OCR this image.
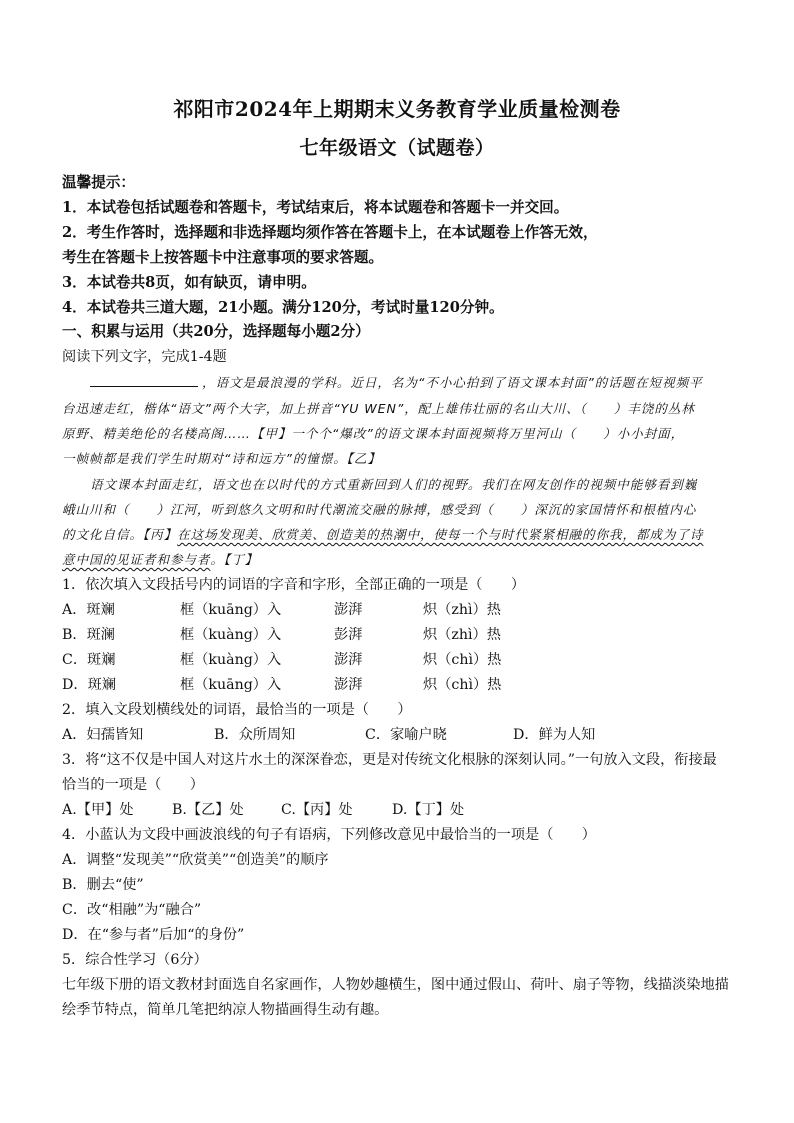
祁阳市2024年上期期末义务教育学业质量检测卷
七年级语文（试题卷）
温馨提示：
1．本试卷包括试题卷和答题卡，考试结束后，将本试题卷和答题卡一并交回。
2．考生作答时，选择题和非选择题均须作答在答题卡上，在本试题卷上作答无效，
考生在答题卡上按答题卡中注意事项的要求答题。
3．本试卷共8页，如有缺页，请申明。
4．本试卷共三道大题，21小题。满分120分，考试时量120分钟。
一、积累与运用（共20分，选择题每小题2分）
阅读下列文字，完成1-4题
，语文是最浪漫的学科。近日，名为“不小心拍到了语文课本封面”的话题在短视频平
台迅速走红，楷体“语文”两个大字，加上拼音“YU WEN”，配上雄伟壮丽的名山大川、（　　）丰饶的丛林
原野、精美绝伦的名楼高阁……【甲】一个个“爆改”的语文课本封面视频将万里河山（　　）小小封面，
一帧帧都是我们学生时期对“诗和远方”的憧憬。【乙】
语文课本封面走红，语文也在以时代的方式重新回到人们的视野。我们在网友创作的视频中能够看到巍
峨山川和（　　）江河，听到悠久文明和时代潮流交融的脉搏，感受到（　　）深沉的家国情怀和根植内心
的文化自信。【丙】在这场发现美、欣赏美、创造美的热潮中，使每一个与时代紧紧相融的你我，都成为了诗
意中国的见证者和参与者。【丁】
1．依次填入文段括号内的词语的字音和字形，全部正确的一项是（　　）
A．斑斓	框（kuāng）入	澎湃	炽（zhì）热
B．斑澜	框（kuàng）入	彭湃	炽（zhì）热
C．斑斓	框（kuàng）入	澎湃	炽（chì）热
D．斑斓	框（kuāng）入	澎湃	炽（chì）热
2．填入文段划横线处的词语，最恰当的一项是（　　）
A．妇孺皆知	B．众所周知	C．家喻户晓	D．鲜为人知
3．将“这不仅是中国人对这片水土的深深眷恋，更是对传统文化根脉的深刻认同。”一句放入文段，衔接最
恰当的一项是（　　）
A.【甲】处	B.【乙】处	C.【丙】处	D.【丁】处
4．小蓝认为文段中画波浪线的句子有语病，下列修改意见中最恰当的一项是（　　）
A．调整“发现美”“欣赏美”“创造美”的顺序
B．删去“使”
C．改“相融”为“融合”
D．在“参与者”后加“的身份”
5．综合性学习（6分）
七年级下册的语文教材封面选自名家画作，人物妙趣横生，图中通过假山、荷叶、扇子等物，线描淡染地描
绘季节特点，简单几笔把纳凉人物描画得生动有趣。
